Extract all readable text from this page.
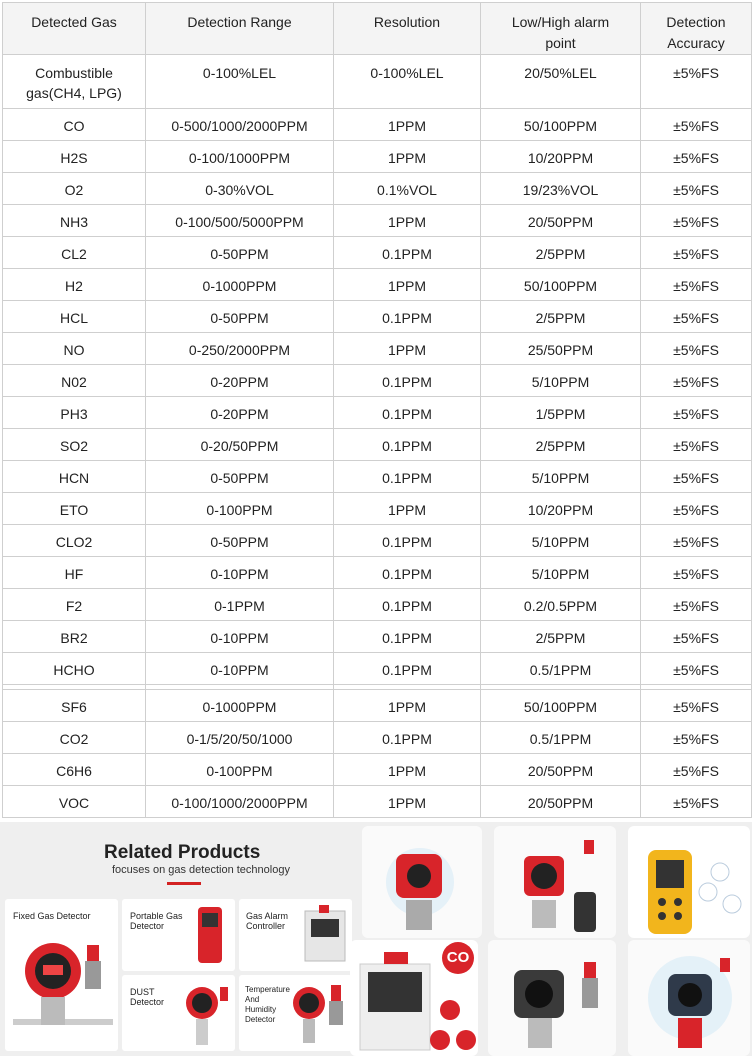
Detected Gas	Detection Range	Resolution	Low/High alarm point	Detection Accuracy
Combustible gas(CH4, LPG)	0-100%LEL	0-100%LEL	20/50%LEL	±5%FS
CO	0-500/1000/2000PPM	1PPM	50/100PPM	±5%FS
H2S	0-100/1000PPM	1PPM	10/20PPM	±5%FS
O2	0-30%VOL	0.1%VOL	19/23%VOL	±5%FS
NH3	0-100/500/5000PPM	1PPM	20/50PPM	±5%FS
CL2	0-50PPM	0.1PPM	2/5PPM	±5%FS
H2	0-1000PPM	1PPM	50/100PPM	±5%FS
HCL	0-50PPM	0.1PPM	2/5PPM	±5%FS
NO	0-250/2000PPM	1PPM	25/50PPM	±5%FS
N02	0-20PPM	0.1PPM	5/10PPM	±5%FS
PH3	0-20PPM	0.1PPM	1/5PPM	±5%FS
SO2	0-20/50PPM	0.1PPM	2/5PPM	±5%FS
HCN	0-50PPM	0.1PPM	5/10PPM	±5%FS
ETO	0-100PPM	1PPM	10/20PPM	±5%FS
CLO2	0-50PPM	0.1PPM	5/10PPM	±5%FS
HF	0-10PPM	0.1PPM	5/10PPM	±5%FS
F2	0-1PPM	0.1PPM	0.2/0.5PPM	±5%FS
BR2	0-10PPM	0.1PPM	2/5PPM	±5%FS
HCHO	0-10PPM	0.1PPM	0.5/1PPM	±5%FS

SF6	0-1000PPM	1PPM	50/100PPM	±5%FS
CO2	0-1/5/20/50/1000	0.1PPM	0.5/1PPM	±5%FS
C6H6	0-100PPM	1PPM	20/50PPM	±5%FS
VOC	0-100/1000/2000PPM	1PPM	20/50PPM	±5%FS
Related Products
focuses on gas detection technology
Fixed Gas Detector	Portable Gas Detector
Gas Alarm Controller
DUST Detector
Temperature And Humidity Detector
CO
